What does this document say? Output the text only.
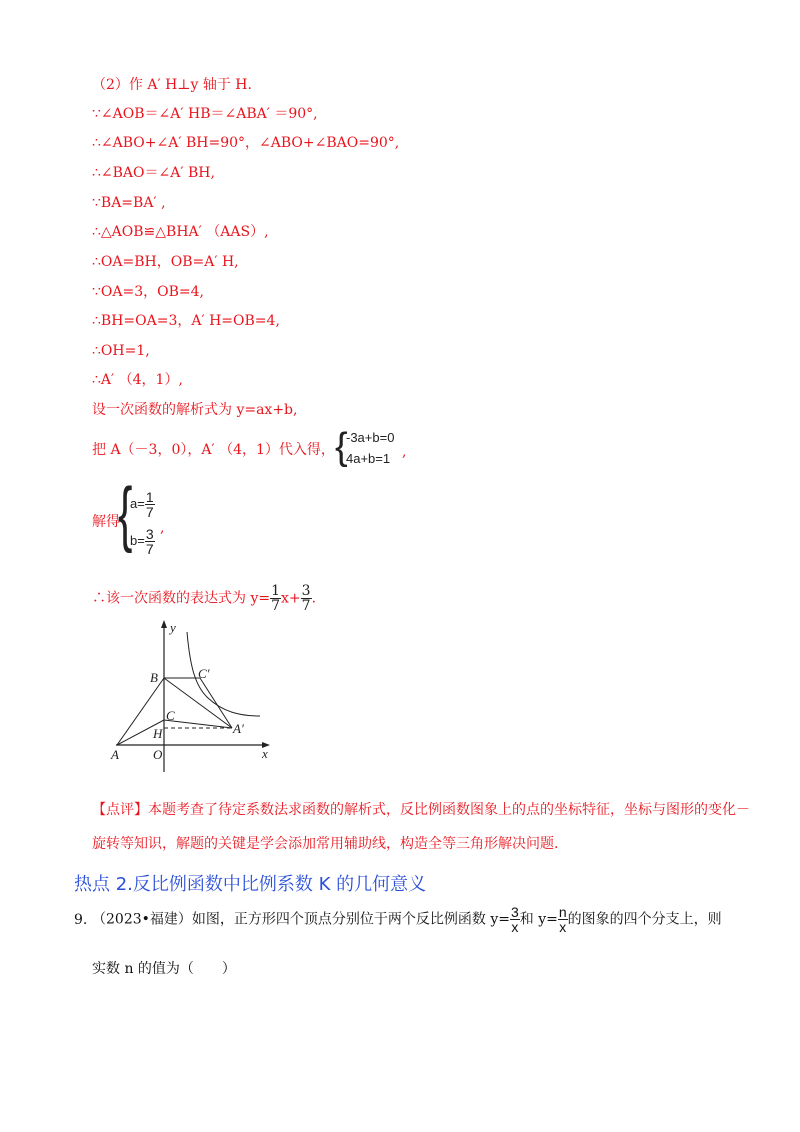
（2）作 A′ H⊥y 轴于 H.
∵∠AOB＝∠A′ HB＝∠ABA′ ＝90°,
∴∠ABO+∠A′ BH=90°，∠ABO+∠BAO=90°,
∴∠BAO＝∠A′ BH,
∵BA=BA′ ,
∴△AOB≌△BHA′ （AAS）,
∴OA=BH，OB=A′ H,
∵OA=3，OB=4,
∴BH=OA=3，A′ H=OB=4,
∴OH=1,
∴A′ （4，1）,
设一次函数的解析式为 y=ax+b,
把 A（－3，0），A′ （4，1）代入得， {
-3a+b=0
4a+b=1 ,
解得
{
$a= \frac{1}{7}$
$b= \frac{3}{7}$ ,
∴该一次函数的表达式为 $y= \frac{1}{7} x+ \frac{3}{7}$ .
y
x
B	C′
C
H	A′
A	O
【点评】本题考查了待定系数法求函数的解析式，反比例函数图象上的点的坐标特征，坐标与图形的变化－旋转等知识，解题的关键是学会添加常用辅助线，构造全等三角形解决问题.
热点 2.反比例函数中比例系数 K 的几何意义
9. （2023•福建）如图，正方形四个顶点分别位于两个反比例函数 $y= \frac{3}{x}$ 和 $y= \frac{n}{x}$ 的图象的四个分支上，则
实数 n 的值为（　　）
